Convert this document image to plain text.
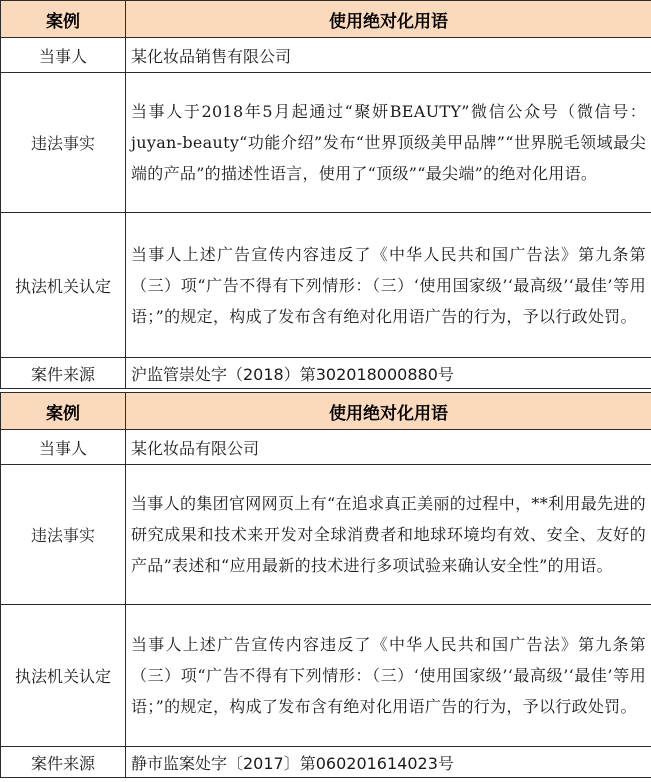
案例	使用绝对化用语
当事人	某化妆品销售有限公司
违法事实	当事人于2018年5月起通过“聚妍BEAUTY”微信公众号（微信号：juyan-beauty“功能介绍”发布“世界顶级美甲品牌”“世界脱毛领域最尖端的产品”的描述性语言，使用了“顶级”“最尖端”的绝对化用语。
执法机关认定	当事人上述广告宣传内容违反了《中华人民共和国广告法》第九条第（三）项“广告不得有下列情形：（三）‘使用国家级’‘最高级’‘最佳’等用语；”的规定，构成了发布含有绝对化用语广告的行为，予以行政处罚。
案件来源	沪监管崇处字（2018）第302018000880号
案例	使用绝对化用语
当事人	某化妆品有限公司
违法事实	当事人的集团官网网页上有“在追求真正美丽的过程中，**利用最先进的研究成果和技术来开发对全球消费者和地球环境均有效、安全、友好的产品”表述和“应用最新的技术进行多项试验来确认安全性”的用语。
执法机关认定	当事人上述广告宣传内容违反了《中华人民共和国广告法》第九条第（三）项“广告不得有下列情形：（三）‘使用国家级’‘最高级’‘最佳’等用语；”的规定，构成了发布含有绝对化用语广告的行为，予以行政处罚。
案件来源	静市监案处字〔2017〕第060201614023号
